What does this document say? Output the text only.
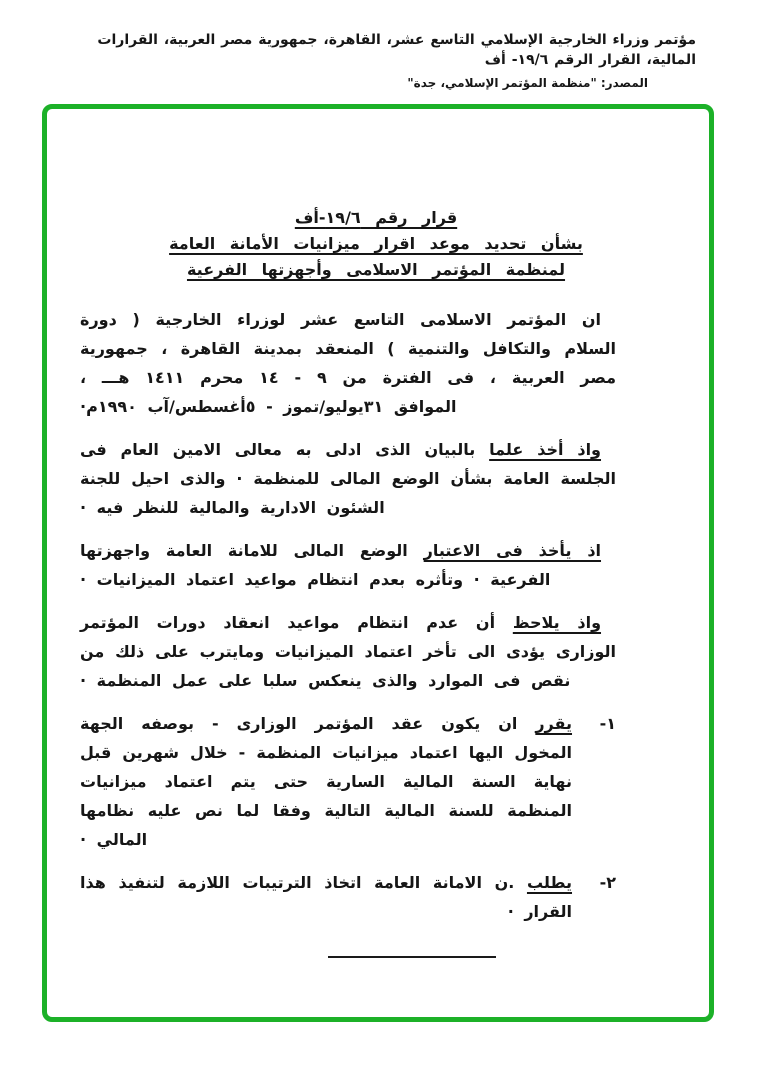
مؤتمر وزراء الخارجية الإسلامي التاسع عشر، القاهرة، جمهورية مصر العربية، القرارات المالية، القرار الرقم ١٩/٦- أف
المصدر: "منظمة المؤتمر الإسلامي، جدة"
قرار رقم ١٩/٦-أف
بشأن تحديد موعد اقرار ميزانيات الأمانة العامة
لمنظمة المؤتمر الاسلامى وأجهزتها الفرعية

ان المؤتمر الاسلامى التاسع عشر لوزراء الخارجية ( دورة السلام والتكافل والتنمية ) المنعقد بمدينة القاهرة ، جمهورية مصر العربية ، فى الفترة من ٩ - ١٤ محرم ١٤١١ هـــ ، الموافق ٣١يوليو/تموز - ٥أغسطس/آب ١٩٩٠م·

واذ أخذ علما بالبيان الذى ادلى به معالى الامين العام فى الجلسة العامة بشأن الوضع المالى للمنظمة · والذى احيل للجنة الشئون الادارية والمالية للنظر فيه ·

اذ يأخذ فى الاعتبار الوضع المالى للامانة العامة واجهزتها الفرعية · وتأثره بعدم انتظام مواعيد اعتماد الميزانيات ·

واذ يلاحظ أن عدم انتظام مواعيد انعقاد دورات المؤتمر الوزارى يؤدى الى تأخر اعتماد الميزانيات ومايترب على ذلك من نقص فى الموارد والذى ينعكس سلبا على عمل المنظمة ·

١-
يقرر ان يكون عقد المؤتمر الوزارى - بوصفه الجهة المخول اليها اعتماد ميزانيات المنظمة - خلال شهرين قبل نهاية السنة المالية السارية حتى يتم اعتماد ميزانيات المنظمة للسنة المالية التالية وفقا لما نص عليه نظامها المالي ·
٢-
يطلب .ن الامانة العامة اتخاذ الترتيبات اللازمة لتنفيذ هذا القرار ·
